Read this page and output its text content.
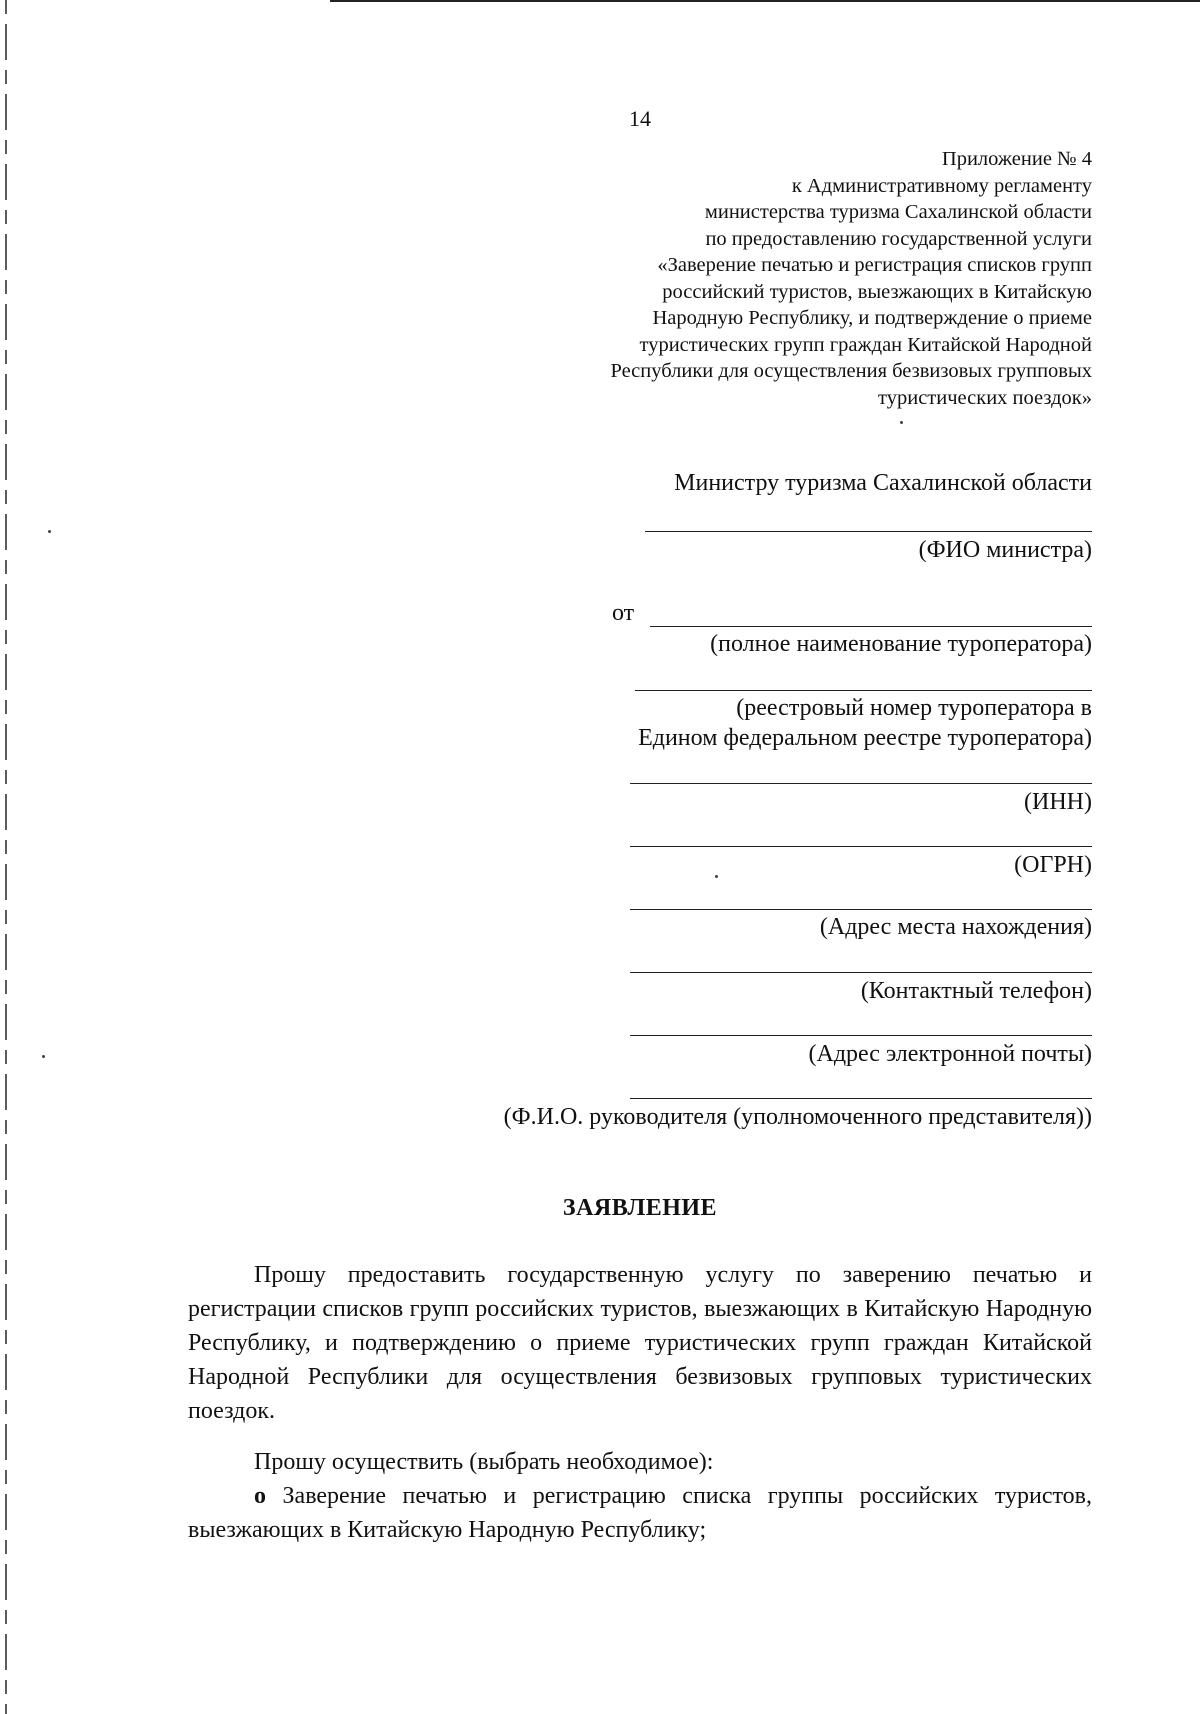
14
Приложение № 4
к Административному регламенту
министерства туризма Сахалинской области
по предоставлению государственной услуги
«Заверение печатью и регистрация списков групп
российский туристов, выезжающих в Китайскую
Народную Республику, и подтверждение о приеме
туристических групп граждан Китайской Народной
Республики для осуществления безвизовых групповых
туристических поездок»
Министру туризма Сахалинской области
(ФИО министра)
от
(полное наименование туроператора)
(реестровый номер туроператора в
Едином федеральном реестре туроператора)
(ИНН)
(ОГРН)
(Адрес места нахождения)
(Контактный телефон)
(Адрес электронной почты)
(Ф.И.О. руководителя (уполномоченного представителя))
ЗАЯВЛЕНИЕ

Прошу предоставить государственную услугу по заверению печатью и регистрации списков групп российских туристов, выезжающих в Китайскую Народную Республику, и подтверждению о приеме туристических групп граждан Китайской Народной Республики для осуществления безвизовых групповых туристических поездок.

Прошу осуществить (выбрать необходимое):

о Заверение печатью и регистрацию списка группы российских туристов, выезжающих в Китайскую Народную Республику;
